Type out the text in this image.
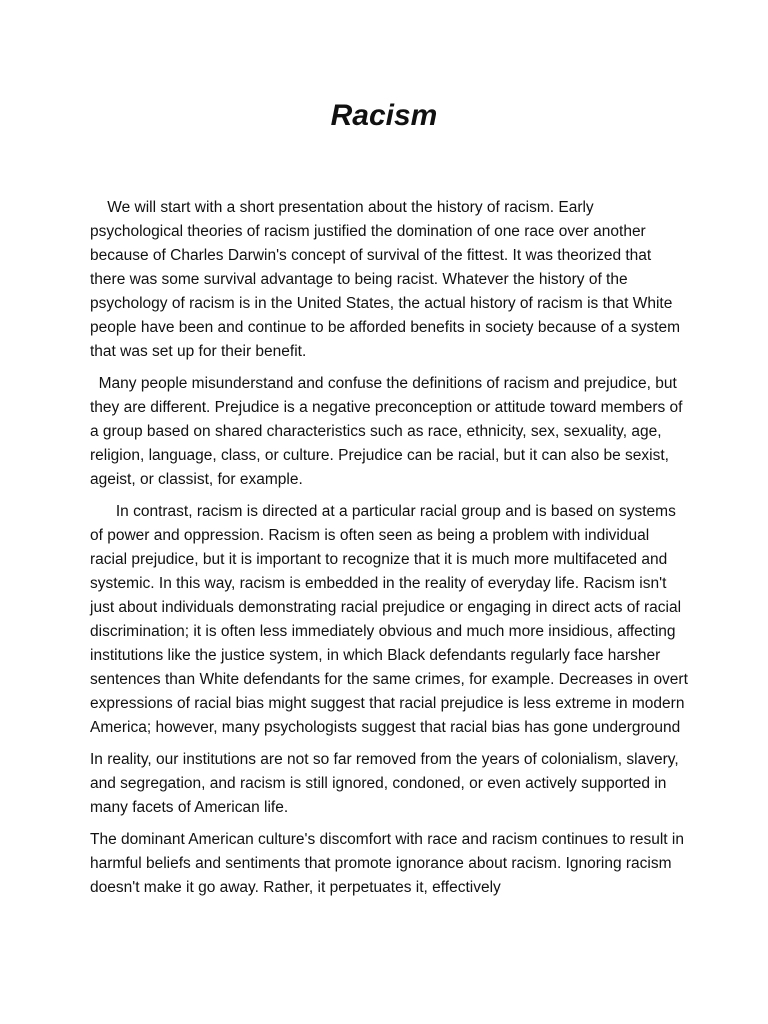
Racism

We will start with a short presentation about the history of racism. Early psychological theories of racism justified the domination of one race over another because of Charles Darwin's concept of survival of the fittest. It was theorized that there was some survival advantage to being racist. Whatever the history of the psychology of racism is in the United States, the actual history of racism is that White people have been and continue to be afforded benefits in society because of a system that was set up for their benefit.

Many people misunderstand and confuse the definitions of racism and prejudice, but they are different. Prejudice is a negative preconception or attitude toward members of a group based on shared characteristics such as race, ethnicity, sex, sexuality, age, religion, language, class, or culture. Prejudice can be racial, but it can also be sexist, ageist, or classist, for example.

In contrast, racism is directed at a particular racial group and is based on systems of power and oppression. Racism is often seen as being a problem with individual racial prejudice, but it is important to recognize that it is much more multifaceted and systemic. In this way, racism is embedded in the reality of everyday life. Racism isn't just about individuals demonstrating racial prejudice or engaging in direct acts of racial discrimination; it is often less immediately obvious and much more insidious, affecting institutions like the justice system, in which Black defendants regularly face harsher sentences than White defendants for the same crimes, for example. Decreases in overt expressions of racial bias might suggest that racial prejudice is less extreme in modern America; however, many psychologists suggest that racial bias has gone underground

In reality, our institutions are not so far removed from the years of colonialism, slavery, and segregation, and racism is still ignored, condoned, or even actively supported in many facets of American life.

The dominant American culture's discomfort with race and racism continues to result in harmful beliefs and sentiments that promote ignorance about racism. Ignoring racism doesn't make it go away. Rather, it perpetuates it, effectively
